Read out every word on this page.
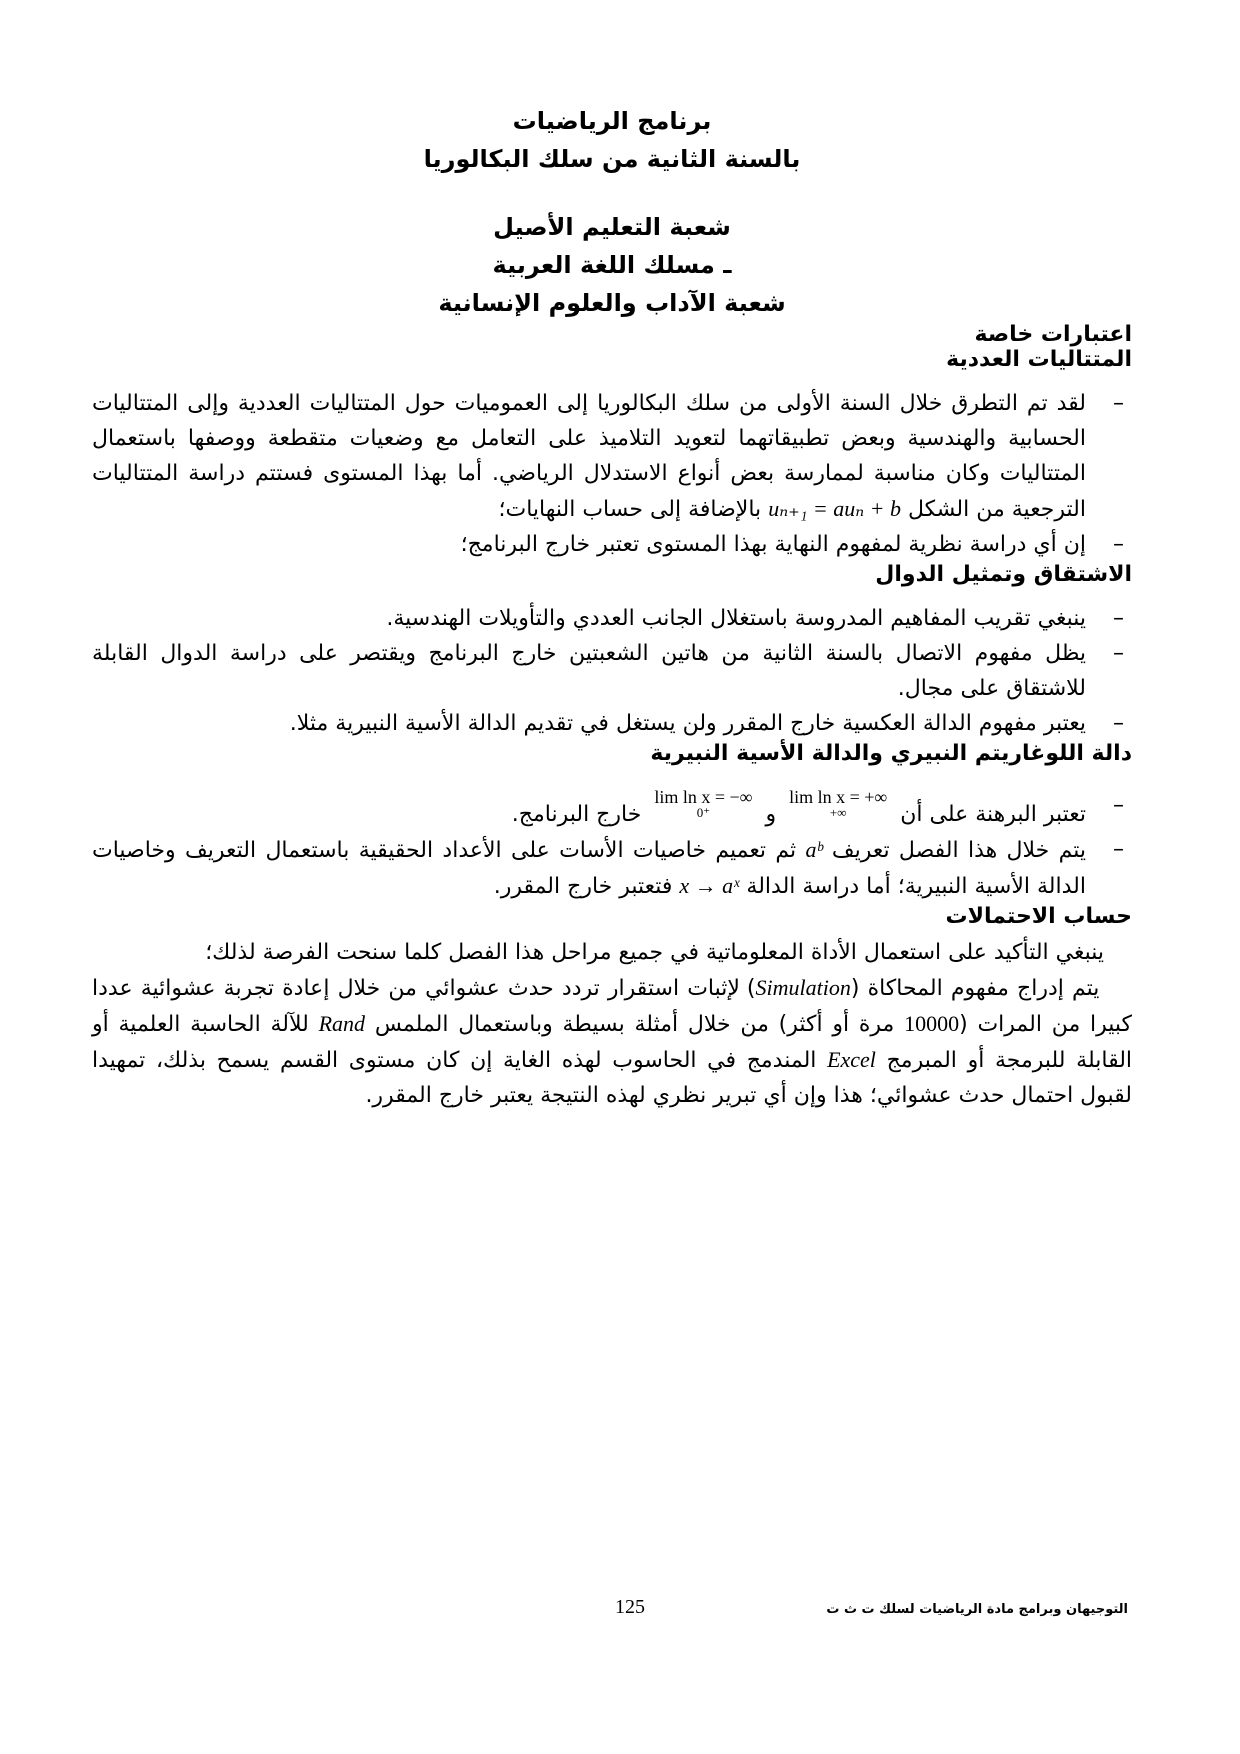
برنامج الرياضيات
بالسنة الثانية من سلك البكالوريا
شعبة التعليم الأصيل
ـ مسلك اللغة العربية
شعبة الآداب والعلوم الإنسانية
اعتبارات خاصة
المتتاليات العددية
–
لقد تم التطرق خلال السنة الأولى من سلك البكالوريا إلى العموميات حول المتتاليات العددية وإلى المتتاليات الحسابية والهندسية وبعض تطبيقاتهما لتعويد التلاميذ على التعامل مع وضعيات متقطعة ووصفها باستعمال المتتاليات وكان مناسبة لممارسة بعض أنواع الاستدلال الرياضي. أما بهذا المستوى فستتم دراسة المتتاليات الترجعية من الشكل uₙ₊₁ = auₙ + b بالإضافة إلى حساب النهايات؛
–
إن أي دراسة نظرية لمفهوم النهاية بهذا المستوى تعتبر خارج البرنامج؛
الاشتقاق وتمثيل الدوال
–
ينبغي تقريب المفاهيم المدروسة باستغلال الجانب العددي والتأويلات الهندسية.
–
يظل مفهوم الاتصال بالسنة الثانية من هاتين الشعبتين خارج البرنامج ويقتصر على دراسة الدوال القابلة للاشتقاق على مجال.
–
يعتبر مفهوم الدالة العكسية خارج المقرر ولن يستغل في تقديم الدالة الأسية النبيرية مثلا.
دالة اللوغاريتم النبيري والدالة الأسية النبيرية
–
تعتبر البرهنة على أن lim ln x = +∞
+∞
و lim ln x = −∞
0⁺
خارج البرنامج.
–
يتم خلال هذا الفصل تعريف aᵇ ثم تعميم خاصيات الأسات على الأعداد الحقيقية باستعمال التعريف وخاصيات الدالة الأسية النبيرية؛ أما دراسة الدالة x → aˣ فتعتبر خارج المقرر.
حساب الاحتمالات

ينبغي التأكيد على استعمال الأداة المعلوماتية في جميع مراحل هذا الفصل كلما سنحت الفرصة لذلك؛

يتم إدراج مفهوم المحاكاة (Simulation) لإثبات استقرار تردد حدث عشوائي من خلال إعادة تجربة عشوائية عددا كبيرا من المرات (10000 مرة أو أكثر) من خلال أمثلة بسيطة وباستعمال الملمس Rand للآلة الحاسبة العلمية أو القابلة للبرمجة أو المبرمج Excel المندمج في الحاسوب لهذه الغاية إن كان مستوى القسم يسمح بذلك، تمهيدا لقبول احتمال حدث عشوائي؛ هذا وإن أي تبرير نظري لهذه النتيجة يعتبر خارج المقرر.

التوجيهان وبرامج مادة الرياضيات لسلك ت ث ت
125
